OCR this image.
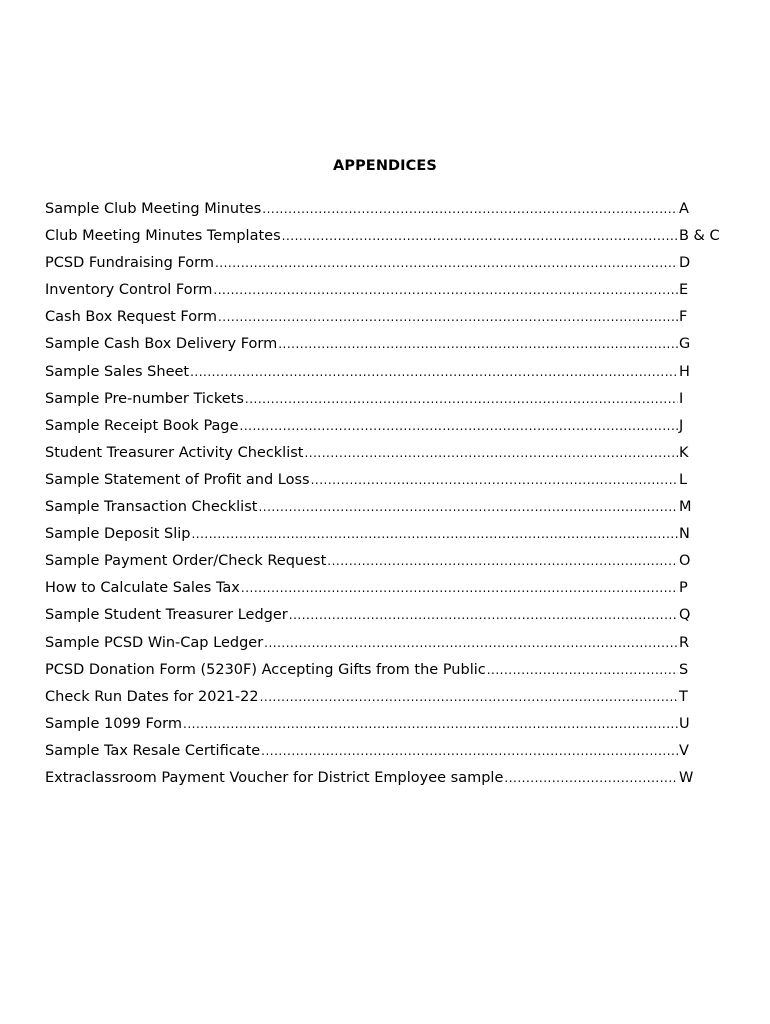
APPENDICES
Sample Club Meeting Minutes .....	A
Club Meeting Minutes Templates .....	B & C
PCSD Fundraising Form .....	D
Inventory Control Form .....	E
Cash Box Request Form .....	F
Sample Cash Box Delivery Form .....	G
Sample Sales Sheet .....	H
Sample Pre-number Tickets .....	I
Sample Receipt Book Page .....	J
Student Treasurer Activity Checklist .....	K
Sample Statement of Profit and Loss .....	L
Sample Transaction Checklist .....	M
Sample Deposit Slip .....	N
Sample Payment Order/Check Request .....	O
How to Calculate Sales Tax .....	P
Sample Student Treasurer Ledger .....	Q
Sample PCSD Win-Cap Ledger .....	R
PCSD Donation Form (5230F) Accepting Gifts from the Public .....	S
Check Run Dates for 2021-22 .....	T
Sample 1099 Form .....	U
Sample Tax Resale Certificate .....	V
Extraclassroom Payment Voucher for District Employee sample .....	W
